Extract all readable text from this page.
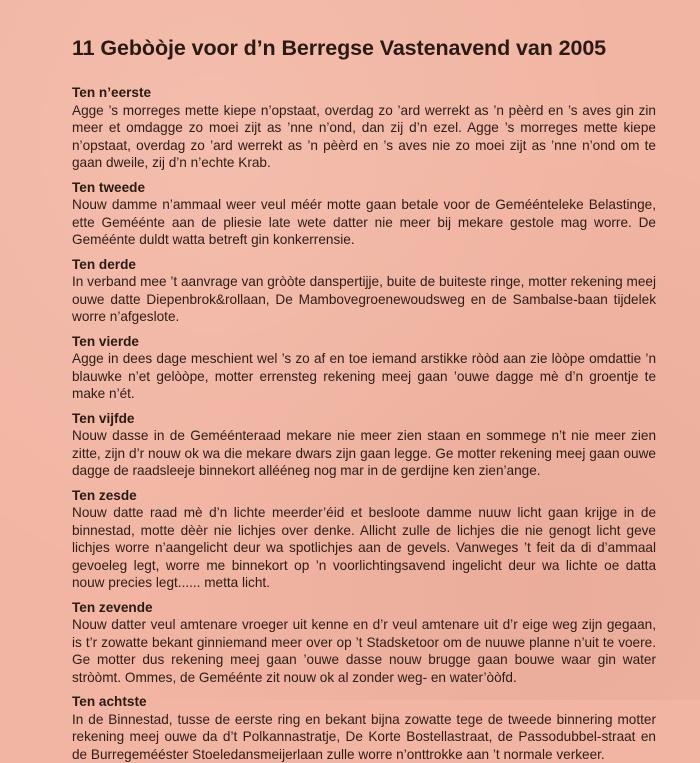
11 Gebòòje voor d’n Berregse Vastenavend van 2005
Ten n’eerste

Agge ’s morreges mette kiepe n’opstaat, overdag zo ’ard werrekt as ’n pèèrd en ’s aves gin zin meer et omdagge zo moei zijt as ’nne n’ond, dan zij d’n ezel. Agge ’s morreges mette kiepe n’opstaat, overdag zo ’ard werrekt as ’n pèèrd en ’s aves nie zo moei zijt as ’nne n’ond om te gaan dweile, zij d’n n’echte Krab.

Ten tweede

Nouw damme n’ammaal weer veul méér motte gaan betale voor de Geméénteleke Belastinge, ette Geméénte aan de pliesie late wete datter nie meer bij mekare gestole mag worre. De Geméénte duldt watta betreft gin konkerrensie.

Ten derde

In verband mee ’t aanvrage van gròòte danspertijje, buite de buiteste ringe, motter rekening meej ouwe datte Diepenbrok&rollaan, De Mambovegroenewoudsweg en de Sambalse-baan tijdelek worre n’afgeslote.

Ten vierde

Agge in dees dage meschient wel ’s zo af en toe iemand arstikke ròòd aan zie lòòpe omdattie ’n blauwke n’et gelòòpe, motter errensteg rekening meej gaan ’ouwe dagge mè d’n groentje te make n’ét.

Ten vijfde

Nouw dasse in de Geméénteraad mekare nie meer zien staan en sommege n’t nie meer zien zitte, zijn d’r nouw ok wa die mekare dwars zijn gaan legge. Ge motter rekening meej gaan ouwe dagge de raadsleeje binnekort allééneg nog mar in de gerdijne ken zien’ange.

Ten zesde

Nouw datte raad mè d’n lichte meerder’éid et besloote damme nuuw licht gaan krijge in de binnestad, motte dèèr nie lichjes over denke. Allicht zulle de lichjes die nie genogt licht geve lichjes worre n’aangelicht deur wa spotlichjes aan de gevels. Vanweges ’t feit da di d’ammaal gevoeleg legt, worre me binnekort op ’n voorlichtingsavend ingelicht deur wa lichte oe datta nouw precies legt...... metta licht.

Ten zevende

Nouw datter veul amtenare vroeger uit kenne en d’r veul amtenare uit d’r eige weg zijn gegaan, is t’r zowatte bekant ginniemand meer over op ’t Stadsketoor om de nuuwe planne n’uit te voere. Ge motter dus rekening meej gaan ’ouwe dasse nouw brugge gaan bouwe waar gin water stròòmt. Ommes, de Geméénte zit nouw ok al zonder weg- en water’òòfd.

Ten achtste

In de Binnestad, tusse de eerste ring en bekant bijna zowatte tege de tweede binnering motter rekening meej ouwe da d’t Polkannastratje, De Korte Bostellastraat, de Passodubbel-straat en de Burregemééster Stoeledansmeijerlaan zulle worre n’onttrokke aan ’t normale verkeer.
